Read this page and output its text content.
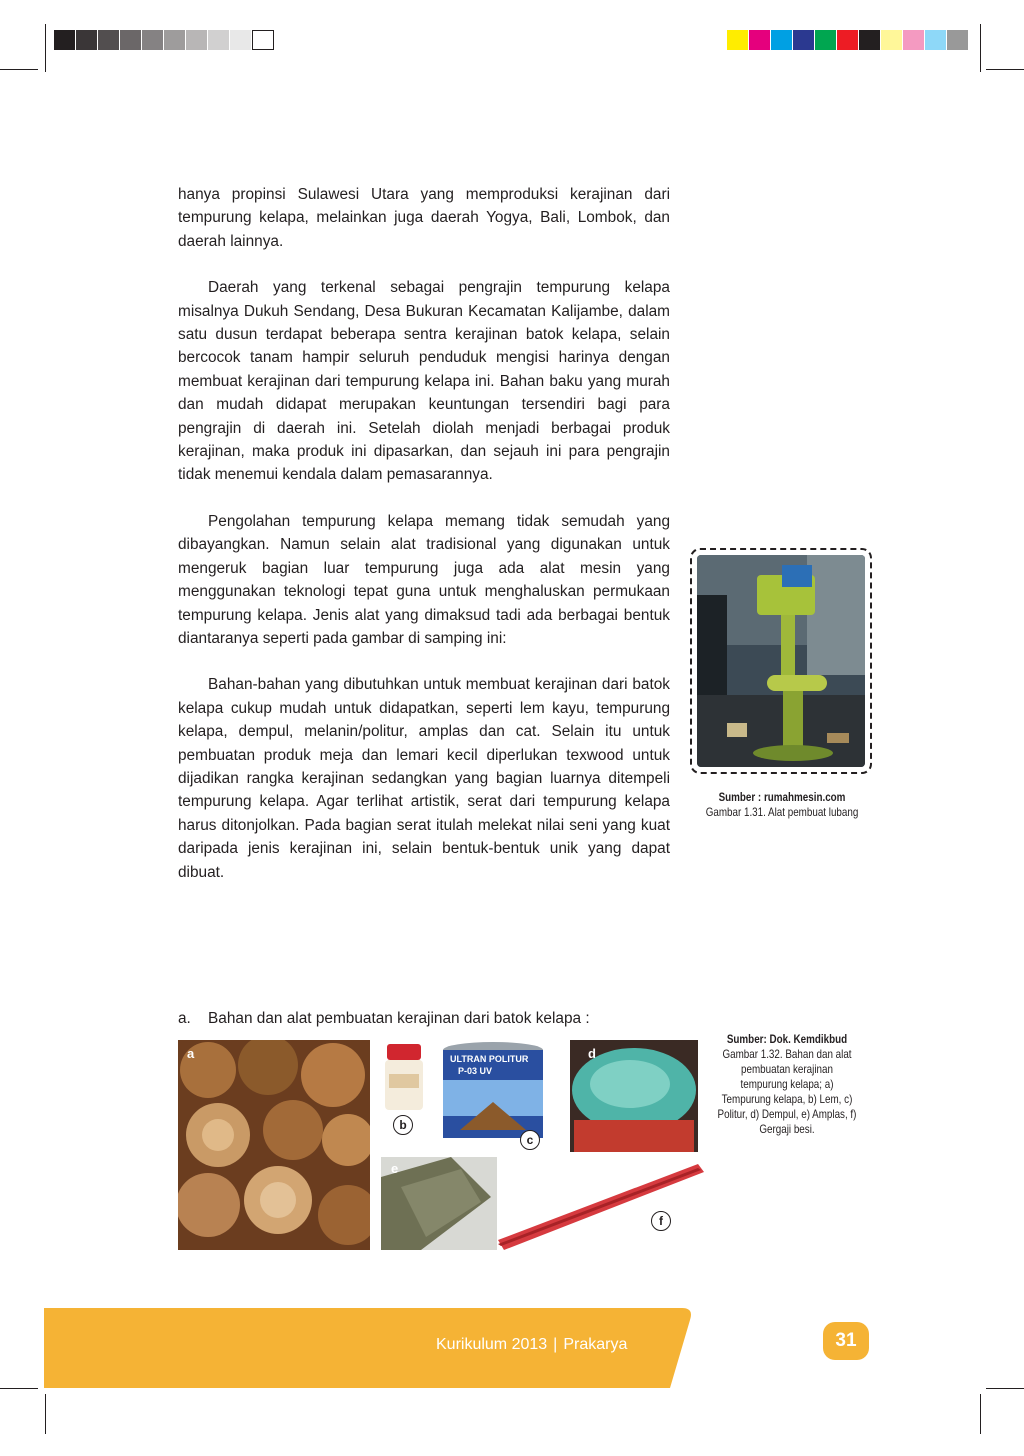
hanya propinsi Sulawesi Utara yang memproduksi kerajinan dari tempurung kelapa, melainkan juga daerah Yogya, Bali, Lombok, dan daerah lainnya.

Daerah yang terkenal sebagai pengrajin tempurung kelapa misalnya Dukuh Sendang, Desa Bukuran Kecamatan Kalijambe, dalam satu dusun terdapat beberapa sentra kerajinan batok kelapa, selain bercocok tanam hampir seluruh penduduk mengisi harinya dengan membuat kerajinan dari tempurung kelapa ini. Bahan baku yang murah dan mudah didapat merupakan keuntungan tersendiri bagi para pengrajin di daerah ini. Setelah diolah menjadi berbagai produk kerajinan, maka produk ini dipasarkan, dan sejauh ini para pengrajin tidak menemui kendala dalam pemasarannya.

Pengolahan tempurung kelapa memang tidak semudah yang dibayangkan. Namun selain alat tradisional yang digunakan untuk mengeruk bagian luar tempurung juga ada alat mesin yang menggunakan teknologi tepat guna untuk menghaluskan permukaan tempurung kelapa. Jenis alat yang dimaksud tadi ada berbagai bentuk diantaranya seperti pada gambar di samping ini:

Bahan-bahan yang dibutuhkan untuk membuat kerajinan dari batok kelapa cukup mudah untuk didapatkan, seperti lem kayu, tempurung kelapa, dempul, melanin/politur, amplas dan cat. Selain itu untuk pembuatan produk meja dan lemari kecil diperlukan texwood untuk dijadikan rangka kerajinan sedangkan yang bagian luarnya ditempeli tempurung kelapa. Agar terlihat artistik, serat dari tempurung kelapa harus ditonjolkan. Pada bagian serat itulah melekat nilai seni yang kuat daripada jenis kerajinan ini, selain bentuk-bentuk unik yang dapat dibuat.

a. Bahan dan alat pembuatan kerajinan dari batok kelapa :
Sumber : rumahmesin.com
Gambar 1.31. Alat pembuat lubang
a
b
ULTRAN POLITUR
P-03 UV
c
d
e
f
Sumber: Dok. Kemdikbud
Gambar 1.32. Bahan dan alat pembuatan kerajinan tempurung kelapa; a) Tempurung kelapa, b) Lem, c) Politur, d) Dempul, e) Amplas, f) Gergaji besi.
Kurikulum 2013 | Prakarya	31
